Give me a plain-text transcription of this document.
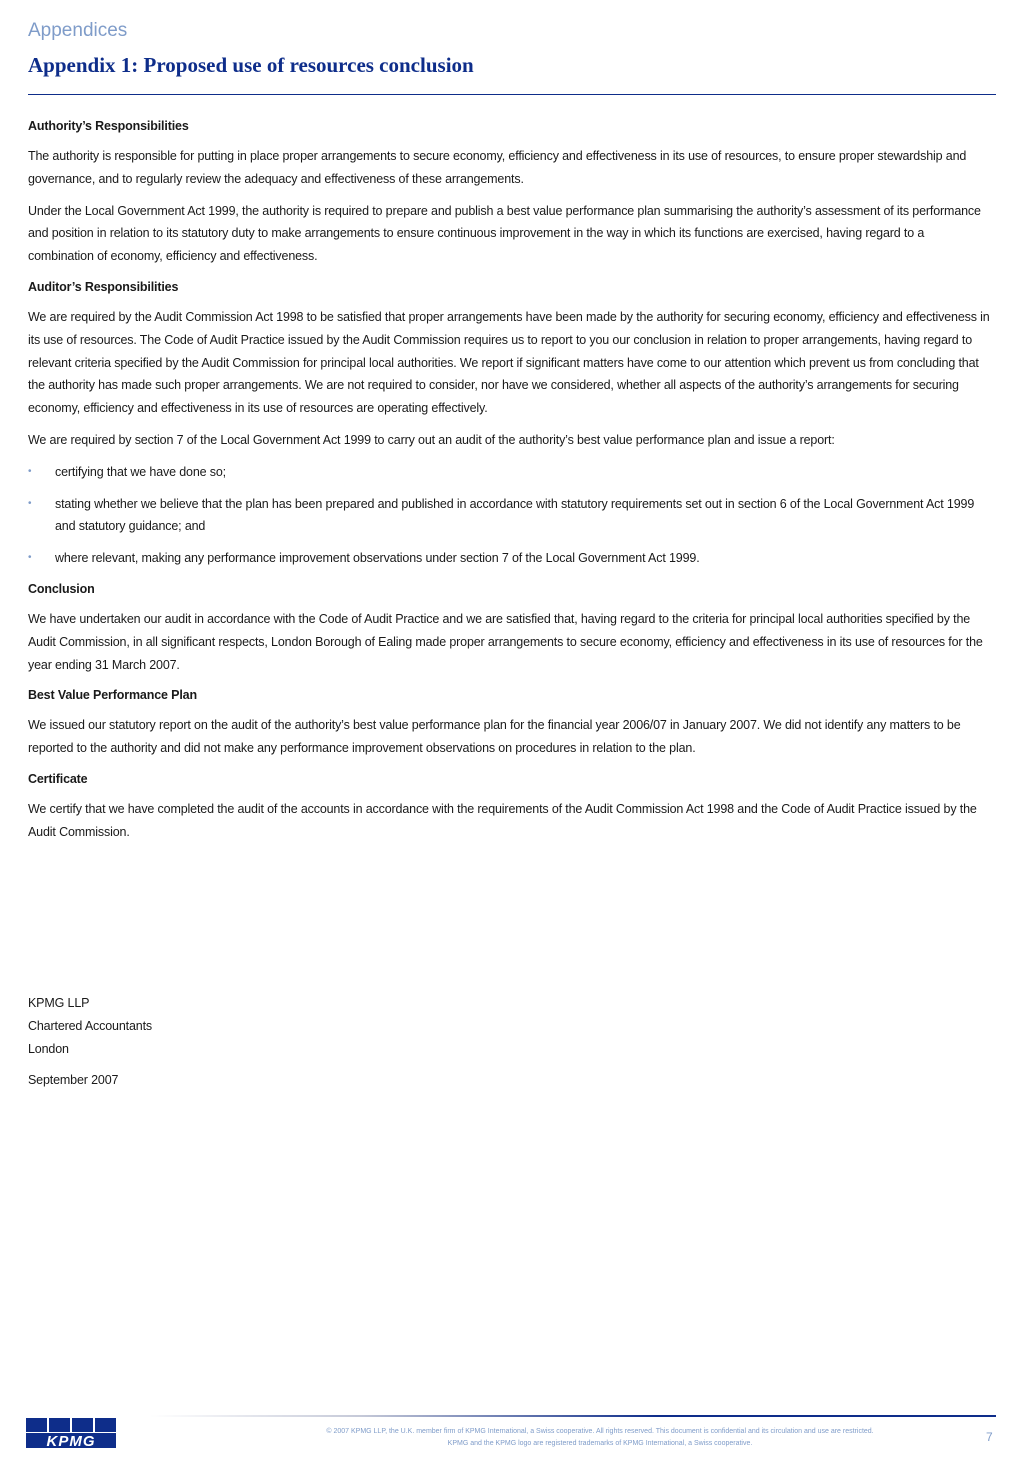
Appendices
Appendix 1: Proposed use of resources conclusion
Authority’s Responsibilities

The authority is responsible for putting in place proper arrangements to secure economy, efficiency and effectiveness in its use of resources, to ensure proper stewardship and governance, and to regularly review the adequacy and effectiveness of these arrangements.

Under the Local Government Act 1999, the authority is required to prepare and publish a best value performance plan summarising the authority’s assessment of its performance and position in relation to its statutory duty to make arrangements to ensure continuous improvement in the way in which its functions are exercised, having regard to a combination of economy, efficiency and effectiveness.

Auditor’s Responsibilities

We are required by the Audit Commission Act 1998 to be satisfied that proper arrangements have been made by the authority for securing economy, efficiency and effectiveness in its use of resources. The Code of Audit Practice issued by the Audit Commission requires us to report to you our conclusion in relation to proper arrangements, having regard to relevant criteria specified by the Audit Commission for principal local authorities. We report if significant matters have come to our attention which prevent us from concluding that the authority has made such proper arrangements. We are not required to consider, nor have we considered, whether all aspects of the authority’s arrangements for securing economy, efficiency and effectiveness in its use of resources are operating effectively.

We are required by section 7 of the Local Government Act 1999 to carry out an audit of the authority’s best value performance plan and issue a report:

• certifying that we have done so;
• stating whether we believe that the plan has been prepared and published in accordance with statutory requirements set out in section 6 of the Local Government Act 1999 and statutory guidance; and
• where relevant, making any performance improvement observations under section 7 of the Local Government Act 1999.
Conclusion

We have undertaken our audit in accordance with the Code of Audit Practice and we are satisfied that, having regard to the criteria for principal local authorities specified by the Audit Commission, in all significant respects, London Borough of Ealing made proper arrangements to secure economy, efficiency and effectiveness in its use of resources for the year ending 31 March 2007.

Best Value Performance Plan

We issued our statutory report on the audit of the authority’s best value performance plan for the financial year 2006/07 in January 2007. We did not identify any matters to be reported to the authority and did not make any performance improvement observations on procedures in relation to the plan.

Certificate

We certify that we have completed the audit of the accounts in accordance with the requirements of the Audit Commission Act 1998 and the Code of Audit Practice issued by the Audit Commission.

KPMG LLP
Chartered Accountants
London
September 2007
KPMG
© 2007 KPMG LLP, the U.K. member firm of KPMG International, a Swiss cooperative. All rights reserved. This document is confidential and its circulation and use are restricted.
KPMG and the KPMG logo are registered trademarks of KPMG International, a Swiss cooperative.	7
